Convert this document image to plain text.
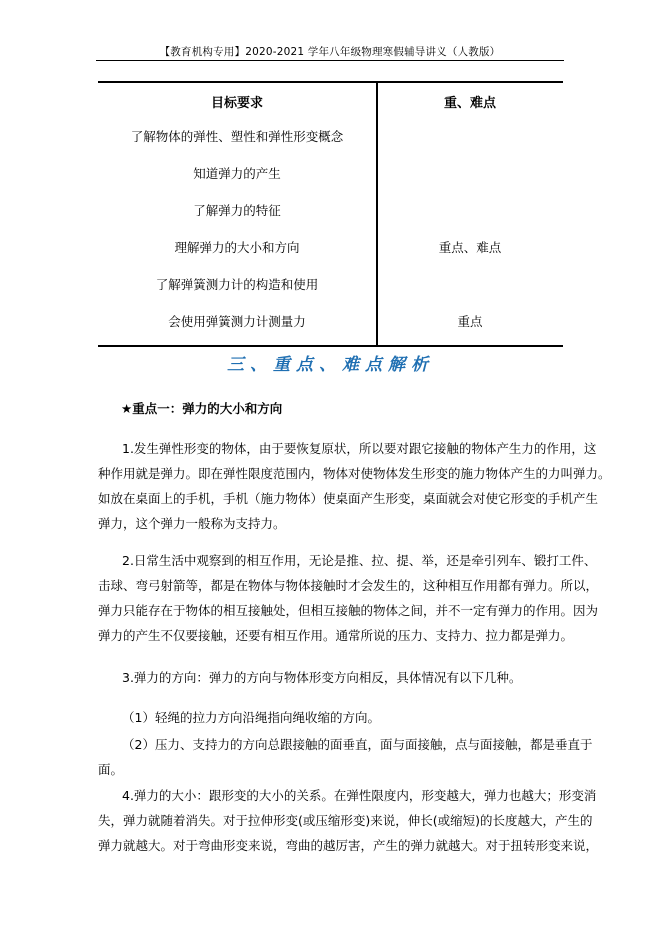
【教育机构专用】2020-2021 学年八年级物理寒假辅导讲义（人教版）
目标要求	重、难点
了解物体的弹性、塑性和弹性形变概念
知道弹力的产生
了解弹力的特征
理解弹力的大小和方向	重点、难点
了解弹簧测力计的构造和使用
会使用弹簧测力计测量力	重点
三、重点、难点解析
★重点一：弹力的大小和方向
1.发生弹性形变的物体，由于要恢复原状，所以要对跟它接触的物体产生力的作用，这
种作用就是弹力。即在弹性限度范围内，物体对使物体发生形变的施力物体产生的力叫弹力。
如放在桌面上的手机，手机（施力物体）使桌面产生形变，桌面就会对使它形变的手机产生
弹力，这个弹力一般称为支持力。
2.日常生活中观察到的相互作用，无论是推、拉、提、举，还是牵引列车、锻打工件、
击球、弯弓射箭等，都是在物体与物体接触时才会发生的，这种相互作用都有弹力。所以，
弹力只能存在于物体的相互接触处，但相互接触的物体之间，并不一定有弹力的作用。因为
弹力的产生不仅要接触，还要有相互作用。通常所说的压力、支持力、拉力都是弹力。
3.弹力的方向：弹力的方向与物体形变方向相反，具体情况有以下几种。
（1）轻绳的拉力方向沿绳指向绳收缩的方向。
（2）压力、支持力的方向总跟接触的面垂直，面与面接触，点与面接触，都是垂直于
面。
4.弹力的大小：跟形变的大小的关系。在弹性限度内，形变越大，弹力也越大；形变消
失，弹力就随着消失。对于拉伸形变(或压缩形变)来说，伸长(或缩短)的长度越大，产生的
弹力就越大。对于弯曲形变来说，弯曲的越厉害，产生的弹力就越大。对于扭转形变来说，
